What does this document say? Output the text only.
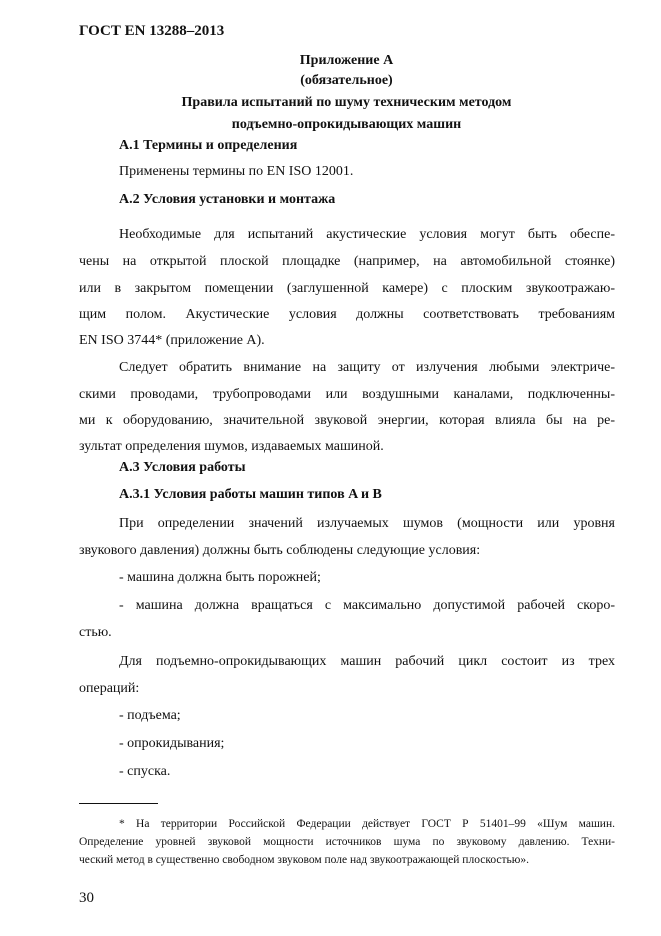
ГОСТ EN 13288–2013
Приложение A
(обязательное)
Правила испытаний по шуму техническим методом
подъемно-опрокидывающих машин
A.1 Термины и определения
Применены термины по EN ISO 12001.
A.2 Условия установки и монтажа
Необходимые для испытаний акустические условия могут быть обеспе-
чены на открытой плоской площадке (например, на автомобильной стоянке)
или в закрытом помещении (заглушенной камере) с плоским звукоотражаю-
щим полом. Акустические условия должны соответствовать требованиям
EN ISO 3744* (приложение A).
Следует обратить внимание на защиту от излучения любыми электриче-
скими проводами, трубопроводами или воздушными каналами, подключенны-
ми к оборудованию, значительной звуковой энергии, которая влияла бы на ре-
зультат определения шумов, издаваемых машиной.
A.3 Условия работы
A.3.1 Условия работы машин типов A и B
При определении значений излучаемых шумов (мощности или уровня
звукового давления) должны быть соблюдены следующие условия:
- машина должна быть порожней;
- машина должна вращаться с максимально допустимой рабочей скоро-
стью.
Для подъемно-опрокидывающих машин рабочий цикл состоит из трех
операций:
- подъема;
- опрокидывания;
- спуска.
* На территории Российской Федерации действует ГОСТ Р 51401–99 «Шум машин.
Определение уровней звуковой мощности источников шума по звуковому давлению. Техни-
ческий метод в существенно свободном звуковом поле над звукоотражающей плоскостью».
30
